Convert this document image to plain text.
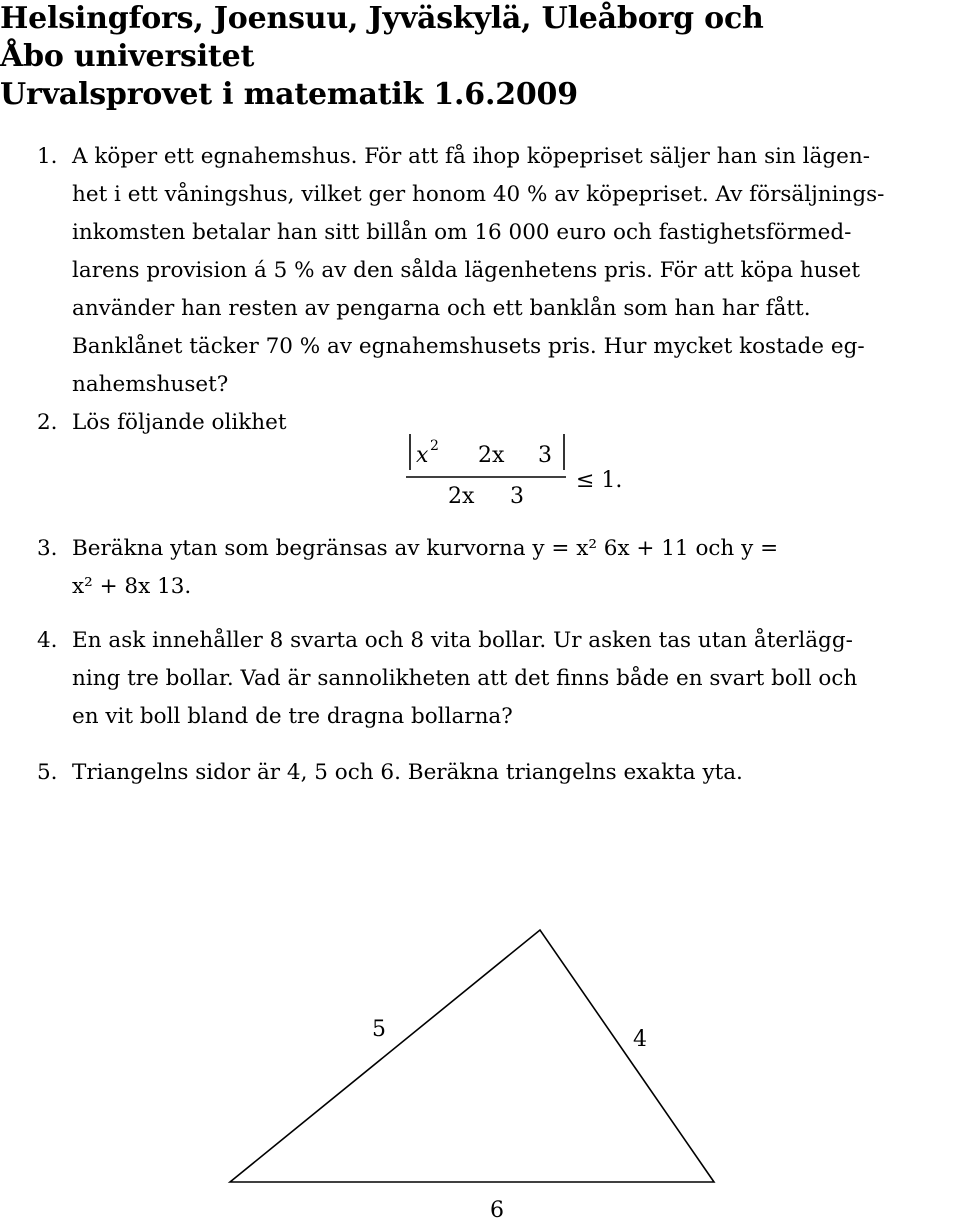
Helsingfors, Joensuu, Jyväskylä, Uleåborg och
Åbo universitet
Urvalsprovet i matematik 1.6.2009
1. A köper ett egnahemshus. För att få ihop köpepriset säljer han sin lägen-
het i ett våningshus, vilket ger honom 40 % av köpepriset. Av försäljnings-
inkomsten betalar han sitt billån om 16 000 euro och fastighetsförmed-
larens provision á 5 % av den sålda lägenhetens pris. För att köpa huset
använder han resten av pengarna och ett banklån som han har fått.
Banklånet täcker 70 % av egnahemshusets pris. Hur mycket kostade eg-
nahemshuset?
2. Lös följande olikhet
3. Beräkna ytan som begränsas av kurvorna y = x² 6x + 11 och y =
x² + 8x 13.
4. En ask innehåller 8 svarta och 8 vita bollar. Ur asken tas utan återlägg-
ning tre bollar. Vad är sannolikheten att det finns både en svart boll och
en vit boll bland de tre dragna bollarna?
5. Triangelns sidor är 4, 5 och 6. Beräkna triangelns exakta yta.
x 2 2x 3
2x 3
≤ 1.
5	4
6
